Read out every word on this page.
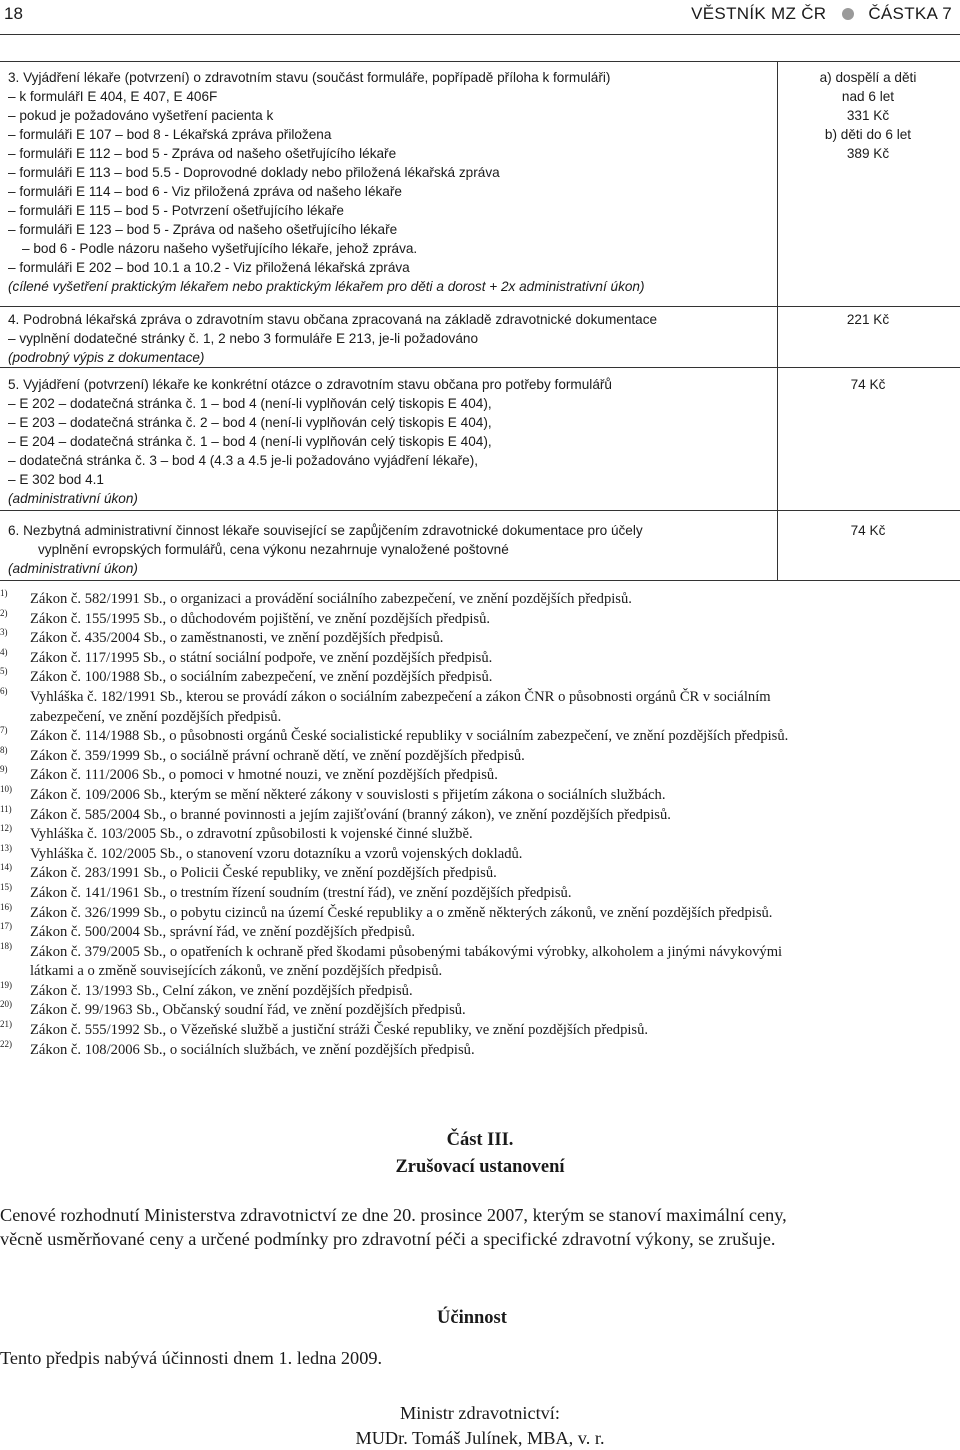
18	VĚSTNÍK MZ ČR ČÁSTKA 7
3. Vyjádření lékaře (potvrzení) o zdravotním stavu (součást formuláře, popřípadě příloha k formuláři)
– k formulářI E 404, E 407, E 406F
– pokud je požadováno vyšetření pacienta k
– formuláři E 107 – bod 8 - Lékařská zpráva přiložena
– formuláři E 112 – bod 5 - Zpráva od našeho ošetřujícího lékaře
– formuláři E 113 – bod 5.5 - Doprovodné doklady nebo přiložená lékařská zpráva
– formuláři E 114 – bod 6 - Viz přiložená zpráva od našeho lékaře
– formuláři E 115 – bod 5 - Potvrzení ošetřujícího lékaře
– formuláři E 123 – bod 5 - Zpráva od našeho ošetřujícího lékaře
– bod 6 - Podle názoru našeho vyšetřujícího lékaře, jehož zpráva.
– formuláři E 202 – bod 10.1 a 10.2 - Viz přiložená lékařská zpráva
(cílené vyšetření praktickým lékařem nebo praktickým lékařem pro děti a dorost + 2x administrativní úkon)
a) dospělí a děti
nad 6 let
331 Kč
b) děti do 6 let
389 Kč
4. Podrobná lékařská zpráva o zdravotním stavu občana zpracovaná na základě zdravotnické dokumentace
– vyplnění dodatečné stránky č. 1, 2 nebo 3 formuláře E 213, je-li požadováno
(podrobný výpis z dokumentace)
221 Kč
5. Vyjádření (potvrzení) lékaře ke konkrétní otázce o zdravotním stavu občana pro potřeby formulářů
– E 202 – dodatečná stránka č. 1 – bod 4 (není-li vyplňován celý tiskopis E 404),
– E 203 – dodatečná stránka č. 2 – bod 4 (není-li vyplňován celý tiskopis E 404),
– E 204 – dodatečná stránka č. 1 – bod 4 (není-li vyplňován celý tiskopis E 404),
– dodatečná stránka č. 3 – bod 4 (4.3 a 4.5 je-li požadováno vyjádření lékaře),
– E 302 bod 4.1
(administrativní úkon)
74 Kč
6. Nezbytná administrativní činnost lékaře související se zapůjčením zdravotnické dokumentace pro účely
vyplnění evropských formulářů, cena výkonu nezahrnuje vynaložené poštovné
(administrativní úkon)
74 Kč
1) Zákon č. 582/1991 Sb., o organizaci a provádění sociálního zabezpečení, ve znění pozdějších předpisů.
2) Zákon č. 155/1995 Sb., o důchodovém pojištění, ve znění pozdějších předpisů.
3) Zákon č. 435/2004 Sb., o zaměstnanosti, ve znění pozdějších předpisů.
4) Zákon č. 117/1995 Sb., o státní sociální podpoře, ve znění pozdějších předpisů.
5) Zákon č. 100/1988 Sb., o sociálním zabezpečení, ve znění pozdějších předpisů.
6) Vyhláška č. 182/1991 Sb., kterou se provádí zákon o sociálním zabezpečení a zákon ČNR o působnosti orgánů ČR v sociálním
zabezpečení, ve znění pozdějších předpisů.
7) Zákon č. 114/1988 Sb., o působnosti orgánů České socialistické republiky v sociálním zabezpečení, ve znění pozdějších předpisů.
8) Zákon č. 359/1999 Sb., o sociálně právní ochraně dětí, ve znění pozdějších předpisů.
9) Zákon č. 111/2006 Sb., o pomoci v hmotné nouzi, ve znění pozdějších předpisů.
10) Zákon č. 109/2006 Sb., kterým se mění některé zákony v souvislosti s přijetím zákona o sociálních službách.
11) Zákon č. 585/2004 Sb., o branné povinnosti a jejím zajišťování (branný zákon), ve znění pozdějších předpisů.
12) Vyhláška č. 103/2005 Sb., o zdravotní způsobilosti k vojenské činné službě.
13) Vyhláška č. 102/2005 Sb., o stanovení vzoru dotazníku a vzorů vojenských dokladů.
14) Zákon č. 283/1991 Sb., o Policii České republiky, ve znění pozdějších předpisů.
15) Zákon č. 141/1961 Sb., o trestním řízení soudním (trestní řád), ve znění pozdějších předpisů.
16) Zákon č. 326/1999 Sb., o pobytu cizinců na území České republiky a o změně některých zákonů, ve znění pozdějších předpisů.
17) Zákon č. 500/2004 Sb., správní řád, ve znění pozdějších předpisů.
18) Zákon č. 379/2005 Sb., o opatřeních k ochraně před škodami působenými tabákovými výrobky, alkoholem a jinými návykovými
látkami a o změně souvisejících zákonů, ve znění pozdějších předpisů.
19) Zákon č. 13/1993 Sb., Celní zákon, ve znění pozdějších předpisů.
20) Zákon č. 99/1963 Sb., Občanský soudní řád, ve znění pozdějších předpisů.
21) Zákon č. 555/1992 Sb., o Vězeňské službě a justiční stráži České republiky, ve znění pozdějších předpisů.
22) Zákon č. 108/2006 Sb., o sociálních službách, ve znění pozdějších předpisů.
Část III.
Zrušovací ustanovení
Cenové rozhodnutí Ministerstva zdravotnictví ze dne 20. prosince 2007, kterým se stanoví maximální ceny,
věcně usměrňované ceny a určené podmínky pro zdravotní péči a specifické zdravotní výkony, se zrušuje.
Účinnost
Tento předpis nabývá účinnosti dnem 1. ledna 2009.
Ministr zdravotnictví:
MUDr. Tomáš Julínek, MBA, v. r.
